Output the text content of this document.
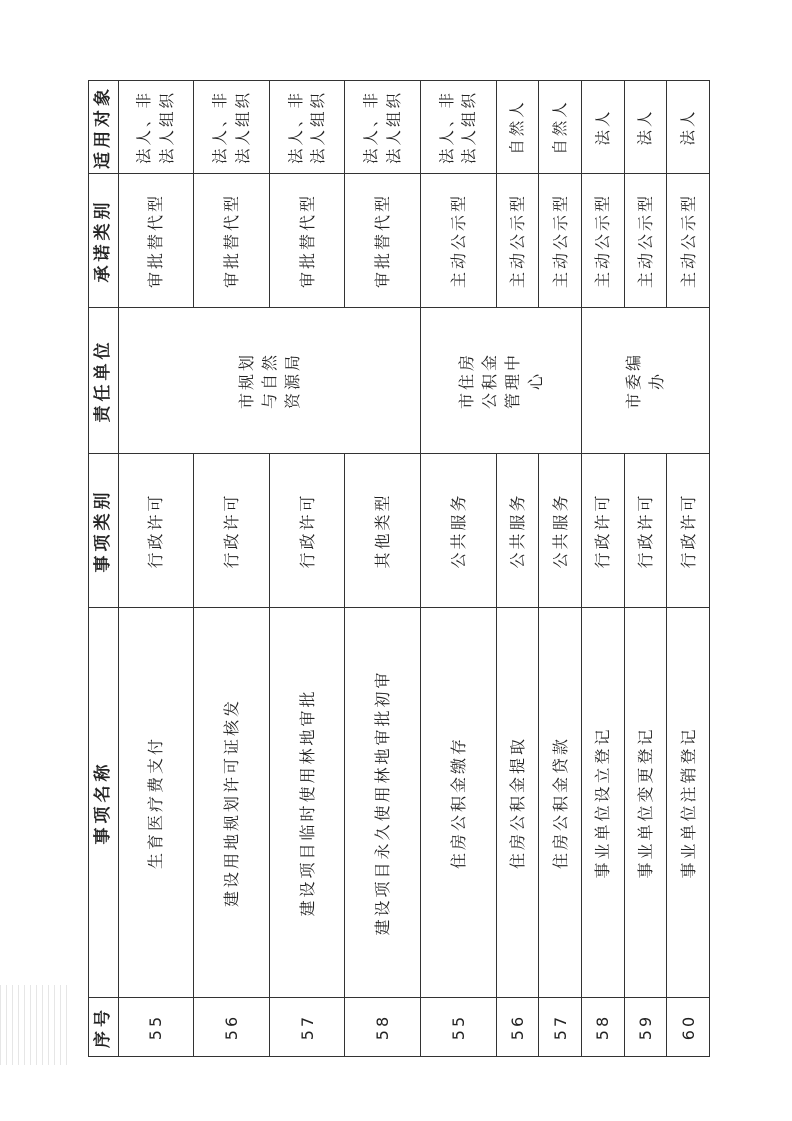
序号	事项名称	事项类别	责任单位	承诺类别	适用对象
55	生育医疗费支付	行政许可	市规划与自然资源局	审批替代型	法人、非法人组织
56	建设用地规划许可证核发	行政许可		审批替代型	法人、非法人组织
57	建设项目临时使用林地审批	行政许可		审批替代型	法人、非法人组织
58	建设项目永久使用林地审批初审	其他类型		审批替代型	法人、非法人组织
55	住房公积金缴存	公共服务	市住房公积金管理中心	主动公示型	法人、非法人组织
56	住房公积金提取	公共服务		主动公示型	自然人
57	住房公积金贷款	公共服务		主动公示型	自然人
58	事业单位设立登记	行政许可	市委编办	主动公示型	法人
59	事业单位变更登记	行政许可		主动公示型	法人
60	事业单位注销登记	行政许可		主动公示型	法人
